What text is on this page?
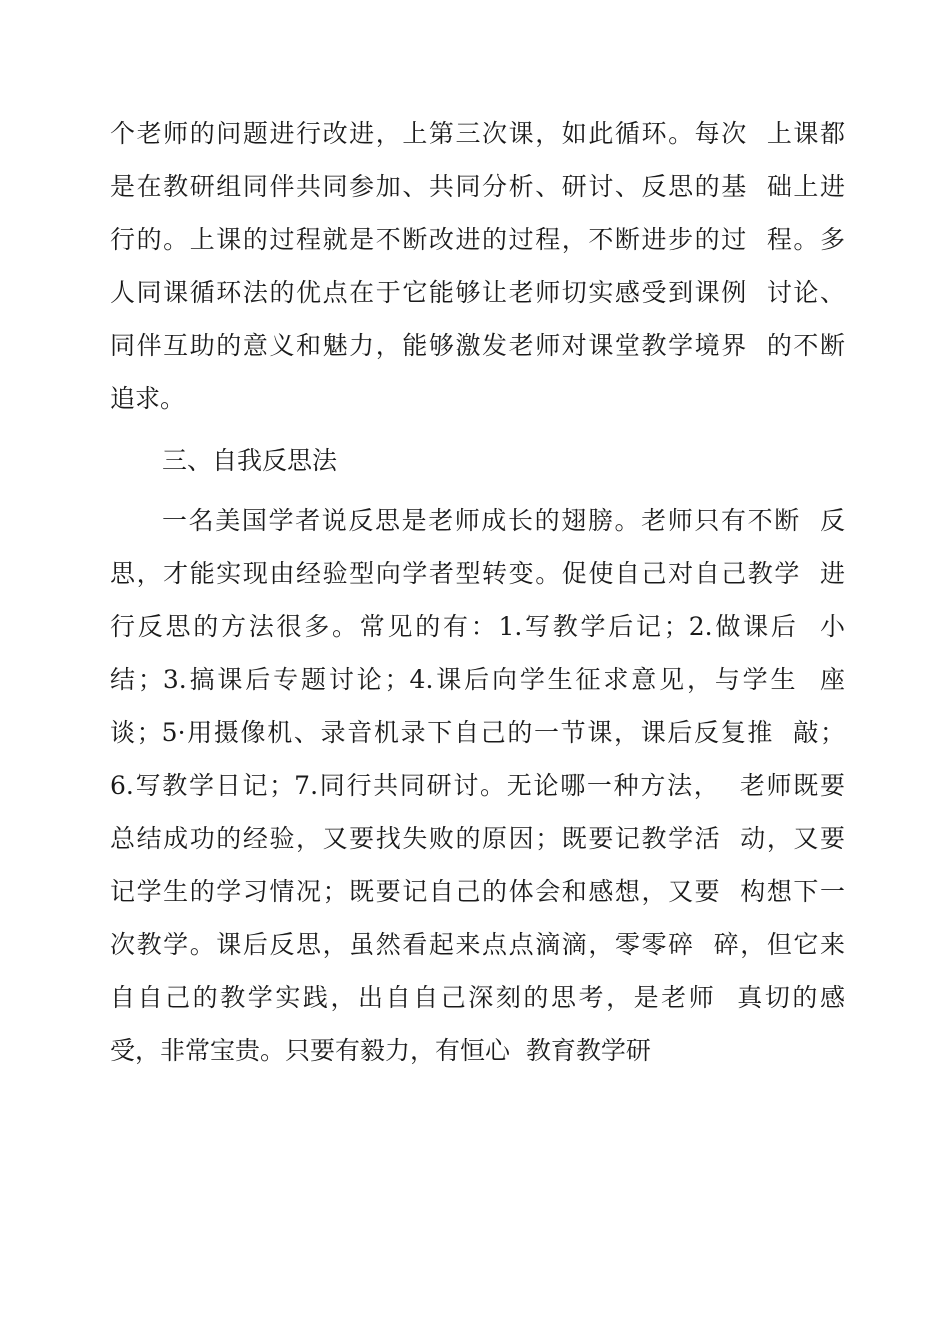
个老师的问题进行改进，上第三次课，如此循环。每次  上课都
是在教研组同伴共同参加、共同分析、研讨、反思的基  础上进
行的。上课的过程就是不断改进的过程，不断进步的过  程。多
人同课循环法的优点在于它能够让老师切实感受到课例  讨论、
同伴互助的意义和魅力，能够激发老师对课堂教学境界  的不断
追求。
三、自我反思法
一名美国学者说反思是老师成长的翅膀。老师只有不断  反
思，才能实现由经验型向学者型转变。促使自己对自己教学  进
行反思的方法很多。常见的有：1.写教学后记；2.做课后  小
结；3.搞课后专题讨论；4.课后向学生征求意见，与学生  座
谈；5·用摄像机、录音机录下自己的一节课，课后反复推  敲；
6.写教学日记；7.同行共同研讨。无论哪一种方法，  老师既要
总结成功的经验，又要找失败的原因；既要记教学活  动，又要
记学生的学习情况；既要记自己的体会和感想，又要  构想下一
次教学。课后反思，虽然看起来点点滴滴，零零碎  碎，但它来
自自己的教学实践，出自自己深刻的思考，是老师  真切的感
受，非常宝贵。只要有毅力，有恒心  教育教学研
